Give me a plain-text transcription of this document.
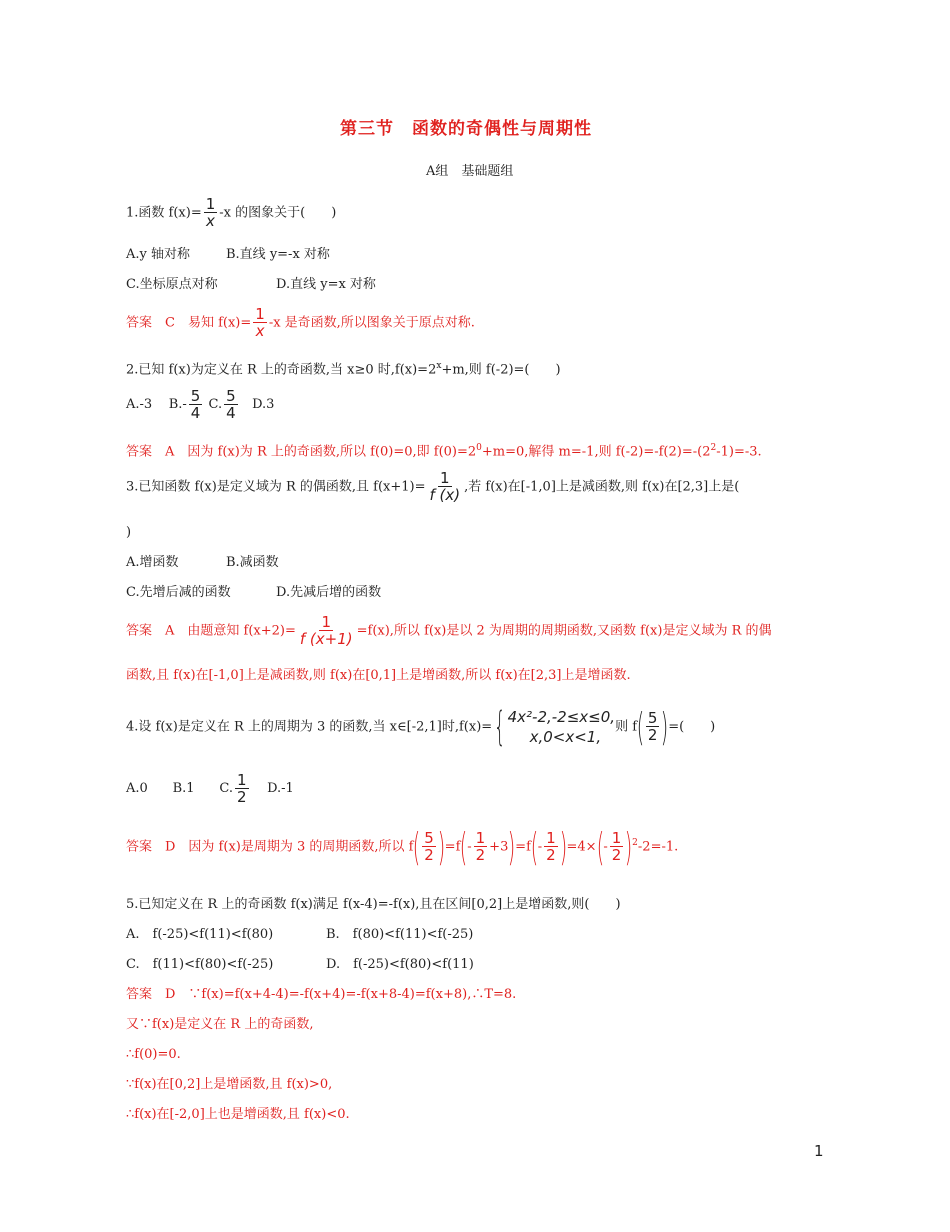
第三节　函数的奇偶性与周期性
A组　基础题组
1.函数 $f(x)= \frac{1}{x} -x$ 的图象关于(　　)
A.y 轴对称	B.直线 y=-x 对称
C.坐标原点对称	D.直线 y=x 对称
答案　C　易知 $f(x)= \frac{1}{x} -x$ 是奇函数,所以图象关于原点对称.
2.已知 f(x)为定义在 R 上的奇函数,当 x≥0 时$,f(x)=2^x+m$,则 f(-2)=(　　)
A.-3 $B.- \frac{5}{4} C$. $\frac{5}{4} D.3$
答案　A　因为 f(x)为 R 上的奇函数,所以 f(0)=0,即 $f(0)=2^0+m=0$,解得 m=-1,则 $f(-2)=-f(2)=-(2^2-1)=-3$.
3.已知函数 f(x)是定义域为 R 的偶函数,且 $f(x+1)= \frac{1}{f (x)}$ ,若 f(x)在[-1,0]上是减函数,则 f(x)在[2,3]上是(
)
A.增函数	B.减函数
C.先增后减的函数	D.先减后增的函数
答案　A　由题意知 $f(x+2)= \frac{1}{f (x+1)} =f(x)$,所以 f(x)是以 2 为周期的周期函数,又函数 f(x)是定义域为 R 的偶
函数,且 f(x)在[-1,0]上是减函数,则 f(x)在[0,1]上是增函数,所以 f(x)在[2,3]上是增函数.
4.设 f(x)是定义在 R 上的周期为 3 的函数,当 x∈[-2,1]时,f(x)= { 4x²-2,-2≤x≤0,
x,0<x<1,
则 $f( \frac{5}{2}$ )=(　　)
A.0 B.1 C. $\frac{1}{2} D.-1$
答案　D　因为 f(x)是周期为 3 的周期函数,所以 $f( \frac{5}{2} )=f(- \frac{1}{2} +3)=f(- \frac{1}{2} )=4\times(- \frac{1}{2} )^2-2=-1$.
5.已知定义在 R 上的奇函数 f(x)满足 f(x-4)=-f(x),且在区间[0,2]上是增函数,则(　　)
A.　f(-25)<f(11)<f(80)	B.　f(80)<f(11)<f(-25)
C.　f(11)<f(80)<f(-25)	D.　f(-25)<f(80)<f(11)
答案　D　∵f(x)=f(x+4-4)=-f(x+4)=-f(x+8-4)=f(x+8),∴T=8.
又∵f(x)是定义在 R 上的奇函数,
∴f(0)=0.
∵f(x)在[0,2]上是增函数,且 f(x)>0,
∴f(x)在[-2,0]上也是增函数,且 f(x)<0.
1
